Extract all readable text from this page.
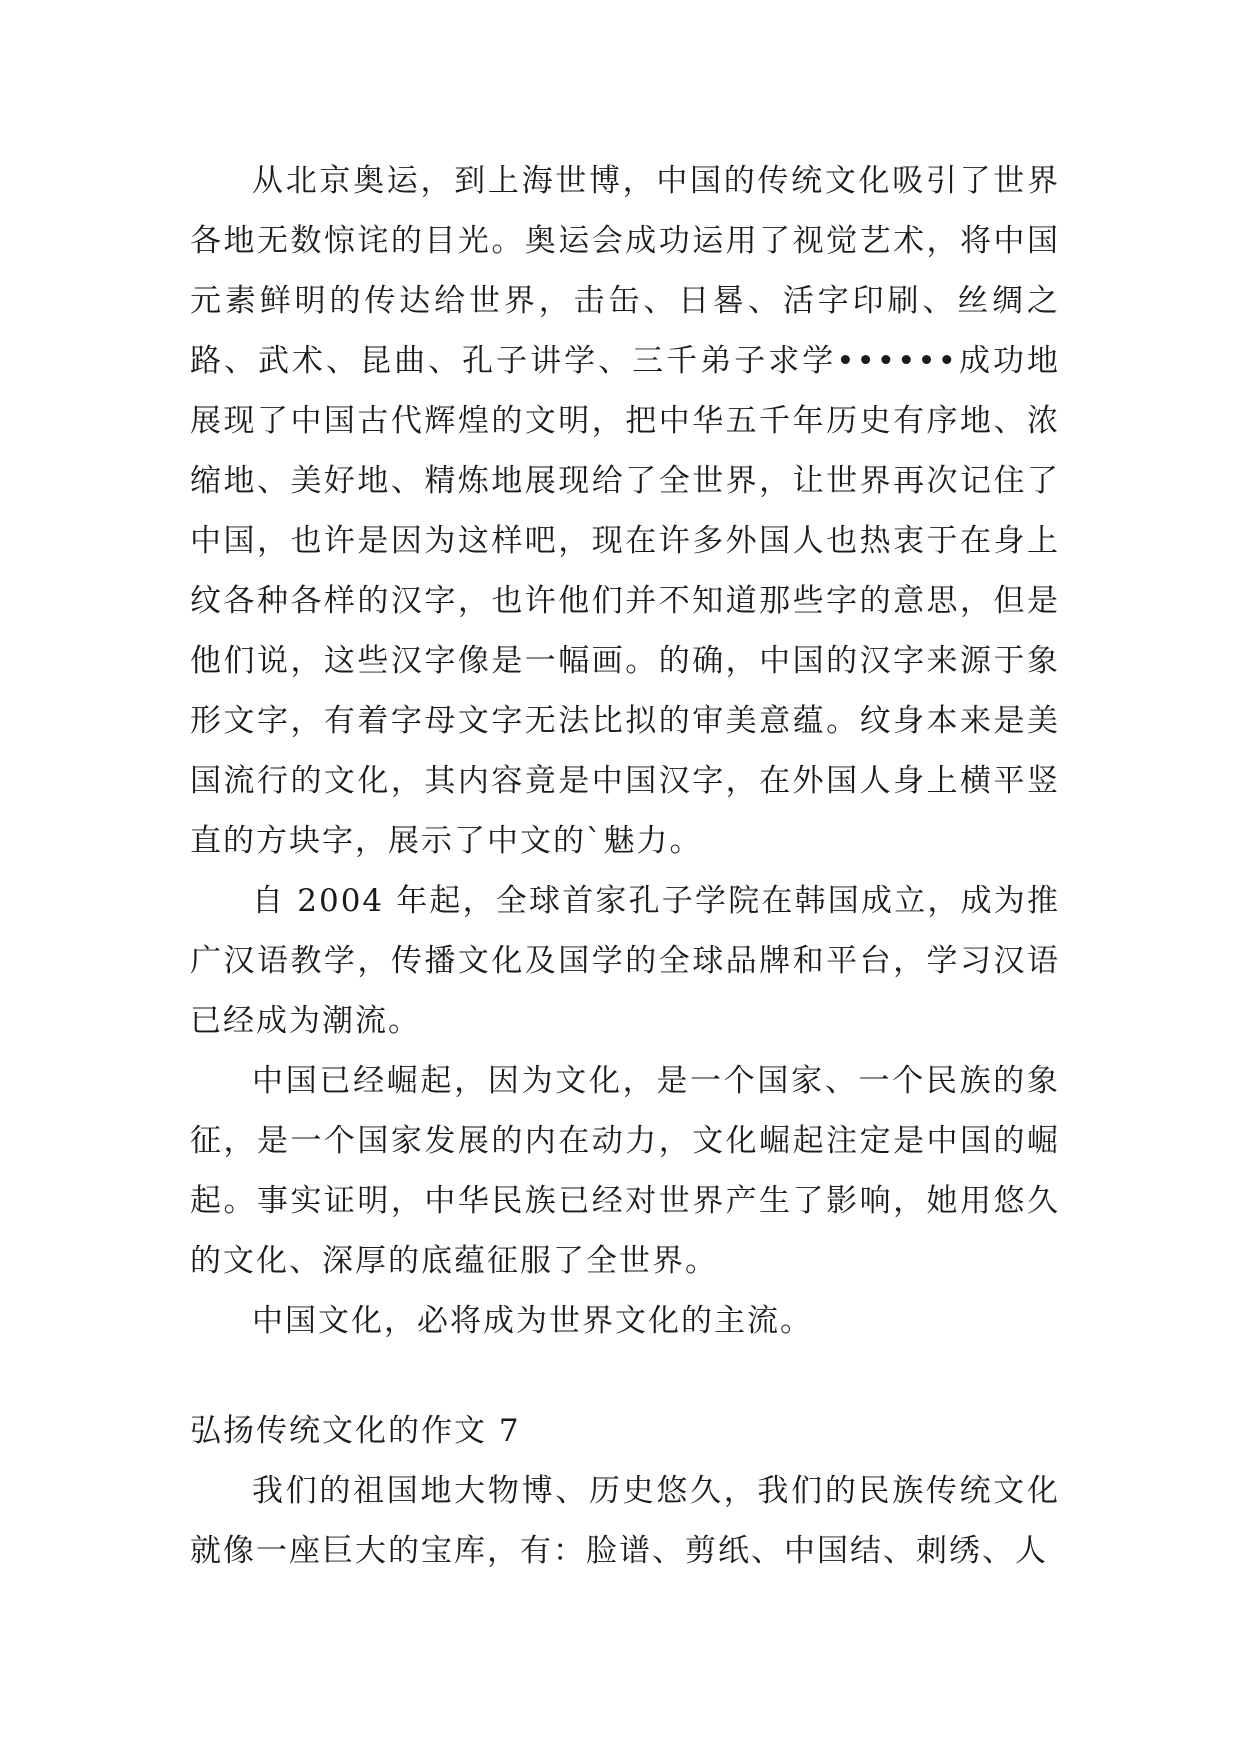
从北京奥运，到上海世博，中国的传统文化吸引了世界各地无数惊诧的目光。奥运会成功运用了视觉艺术，将中国元素鲜明的传达给世界，击缶、日晷、活字印刷、丝绸之路、武术、昆曲、孔子讲学、三千弟子求学••••••成功地展现了中国古代辉煌的文明，把中华五千年历史有序地、浓缩地、美好地、精炼地展现给了全世界，让世界再次记住了中国，也许是因为这样吧，现在许多外国人也热衷于在身上纹各种各样的汉字，也许他们并不知道那些字的意思，但是他们说，这些汉字像是一幅画。的确，中国的汉字来源于象形文字，有着字母文字无法比拟的审美意蕴。纹身本来是美国流行的文化，其内容竟是中国汉字，在外国人身上横平竖直的方块字，展示了中文的`魅力。

自 2004 年起，全球首家孔子学院在韩国成立，成为推广汉语教学，传播文化及国学的全球品牌和平台，学习汉语已经成为潮流。

中国已经崛起，因为文化，是一个国家、一个民族的象征，是一个国家发展的内在动力，文化崛起注定是中国的崛起。事实证明，中华民族已经对世界产生了影响，她用悠久的文化、深厚的底蕴征服了全世界。

中国文化，必将成为世界文化的主流。

弘扬传统文化的作文 7

我们的祖国地大物博、历史悠久，我们的民族传统文化就像一座巨大的宝库，有：脸谱、剪纸、中国结、刺绣、人
